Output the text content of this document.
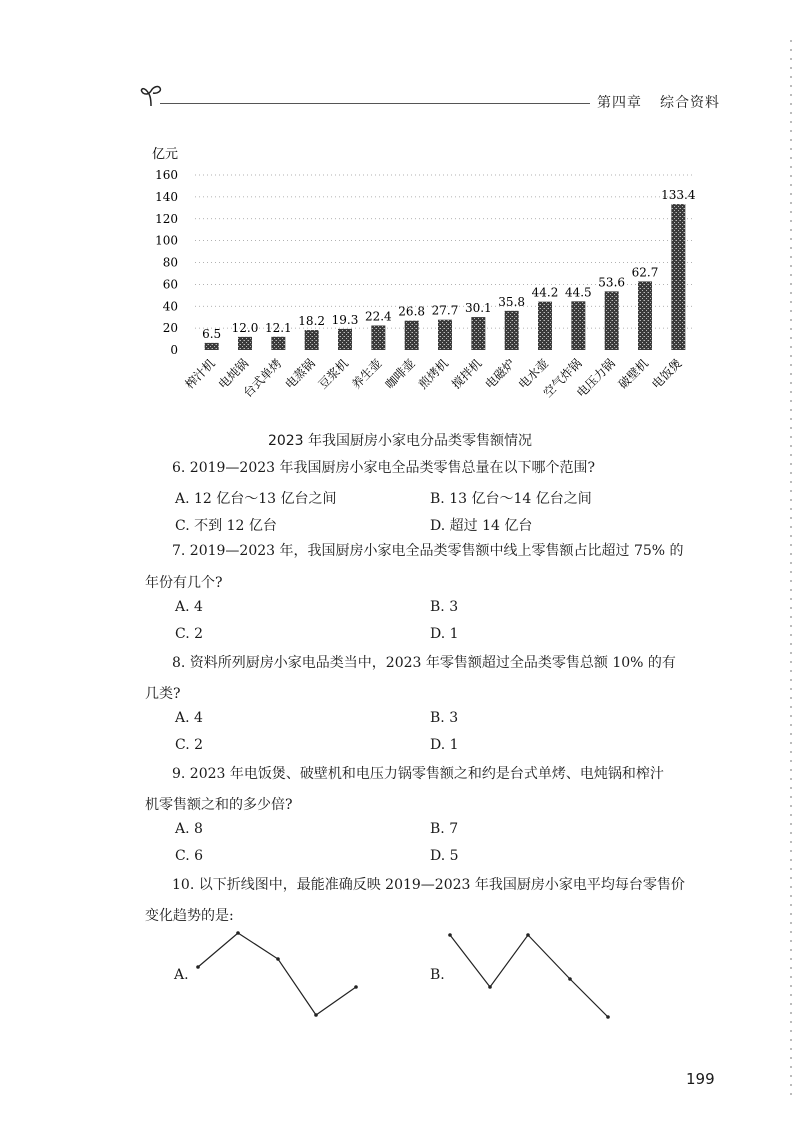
第四章 综合资料
亿元
0
20
40
60
80
100
120
140
160
6.5 12.0 12.1 18.2 19.3 22.4 26.8 27.7 30.1 35.8
44.2 44.5
53.6
62.7
133.4
榨汁机
电炖锅
台式单烤
电蒸锅
豆浆机
养生壶
咖啡壶
煎烤机
搅拌机
电磁炉
电水壶
空气炸锅
电压力锅
破壁机
电饭煲
2023 年我国厨房小家电分品类零售额情况
6. 2019—2023 年我国厨房小家电全品类零售总量在以下哪个范围?
A. 12 亿台～13 亿台之间	B. 13 亿台～14 亿台之间
C. 不到 12 亿台	D. 超过 14 亿台
7. 2019—2023 年，我国厨房小家电全品类零售额中线上零售额占比超过 75% 的
年份有几个?
A. 4	B. 3
C. 2	D. 1
8. 资料所列厨房小家电品类当中，2023 年零售额超过全品类零售总额 10% 的有
几类?
A. 4	B. 3
C. 2	D. 1
9. 2023 年电饭煲、破壁机和电压力锅零售额之和约是台式单烤、电炖锅和榨汁
机零售额之和的多少倍?
A. 8	B. 7
C. 6	D. 5
10. 以下折线图中，最能准确反映 2019—2023 年我国厨房小家电平均每台零售价
变化趋势的是:
A.	B.
199
